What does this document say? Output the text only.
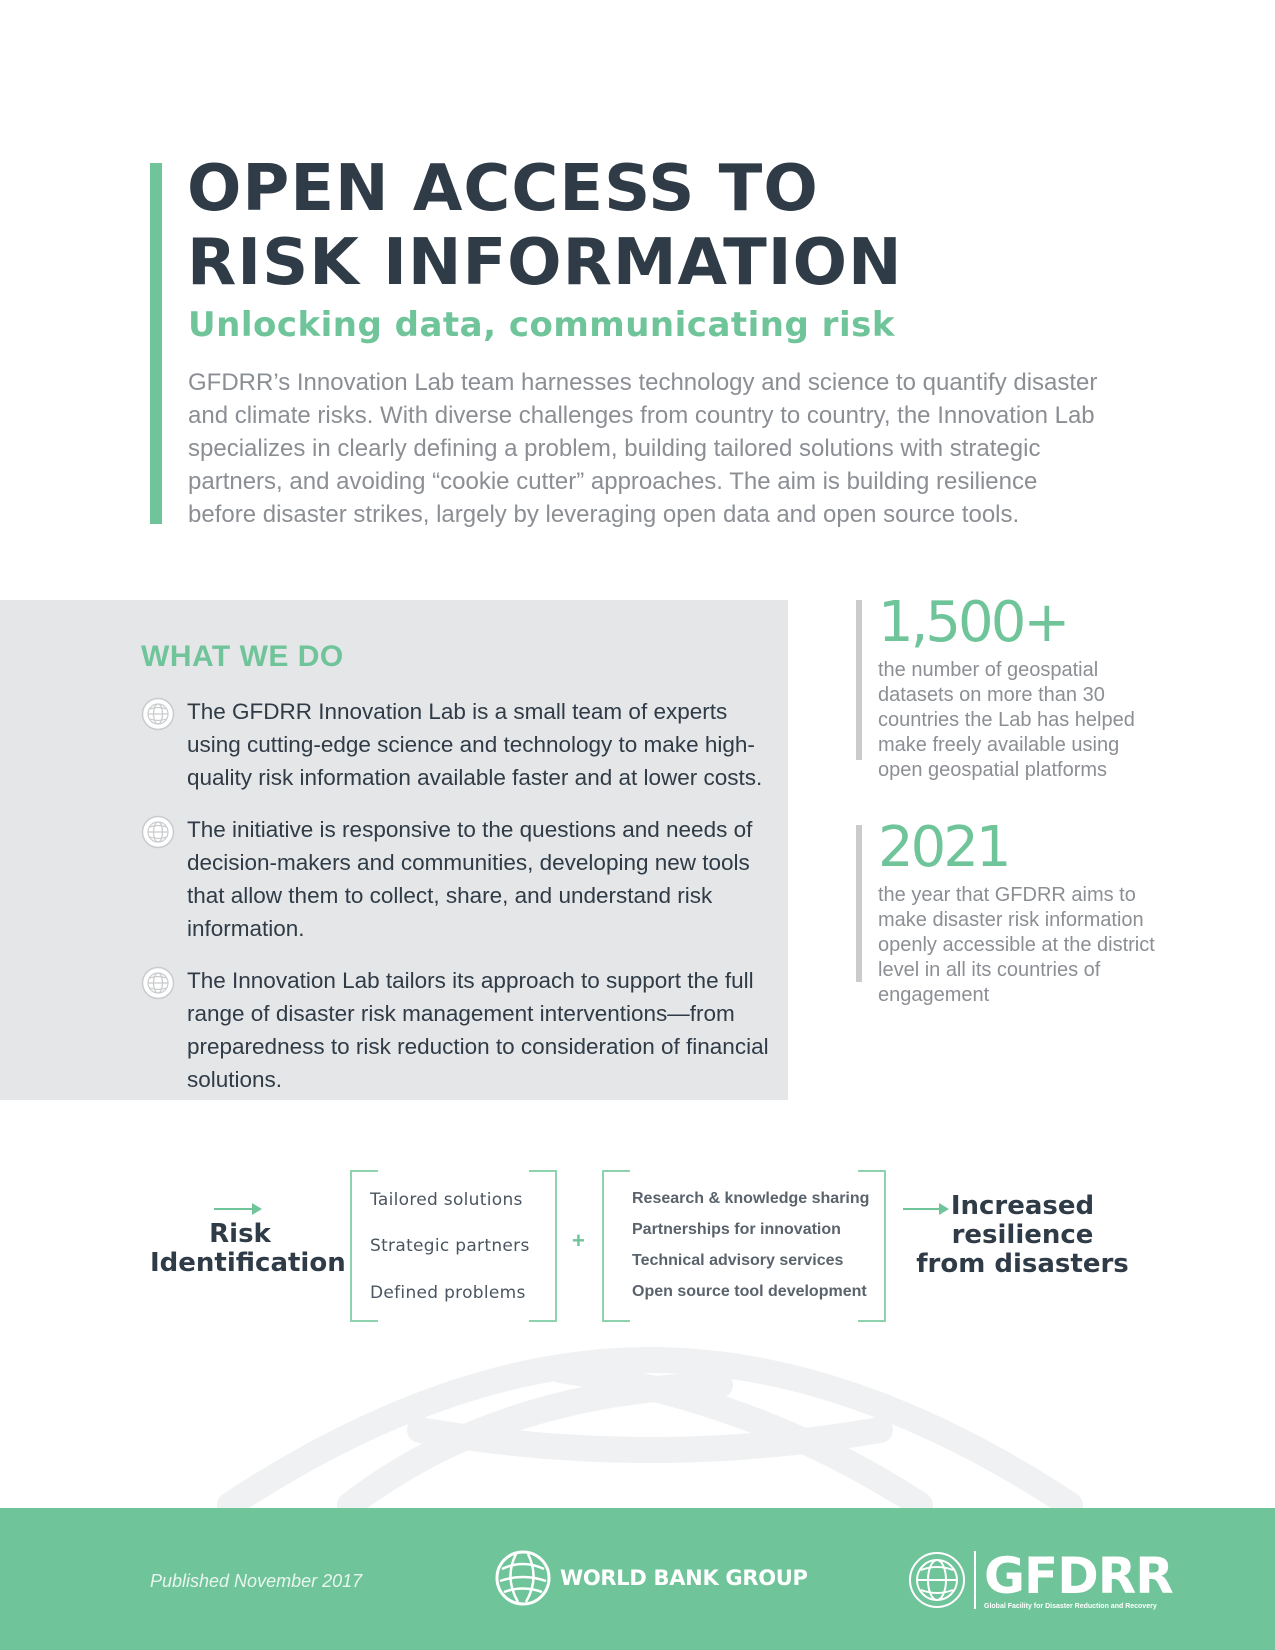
OPEN ACCESS TO
RISK INFORMATION
Unlocking data, communicating risk

GFDRR’s Innovation Lab team harnesses technology and science to quantify disaster and climate risks. With diverse challenges from country to country, the Innovation Lab specializes in clearly defining a problem, building tailored solutions with strategic partners, and avoiding “cookie cutter” approaches. The aim is building resilience before disaster strikes, largely by leveraging open data and open source tools.

WHAT WE DO
The GFDRR Innovation Lab is a small team of experts using cutting-edge science and technology to make high-quality risk information available faster and at lower costs.
The initiative is responsive to the questions and needs of decision-makers and communities, developing new tools that allow them to collect, share, and understand risk information.
The Innovation Lab tailors its approach to support the full range of disaster risk management interventions—from preparedness to risk reduction to consideration of financial solutions.
1,500+
the number of geospatial datasets on more than 30 countries the Lab has helped make freely available using open geospatial platforms
2021
the year that GFDRR aims to make disaster risk information openly accessible at the district level in all its countries of engagement
Risk
Identification
Tailored solutions
Strategic partners
Defined problems
+
Research & knowledge sharing
Partnerships for innovation
Technical advisory services
Open source tool development
Increased
resilience
from disasters
Published November 2017	WORLD BANK GROUP	GFDRR
Global Facility for Disaster Reduction and Recovery
